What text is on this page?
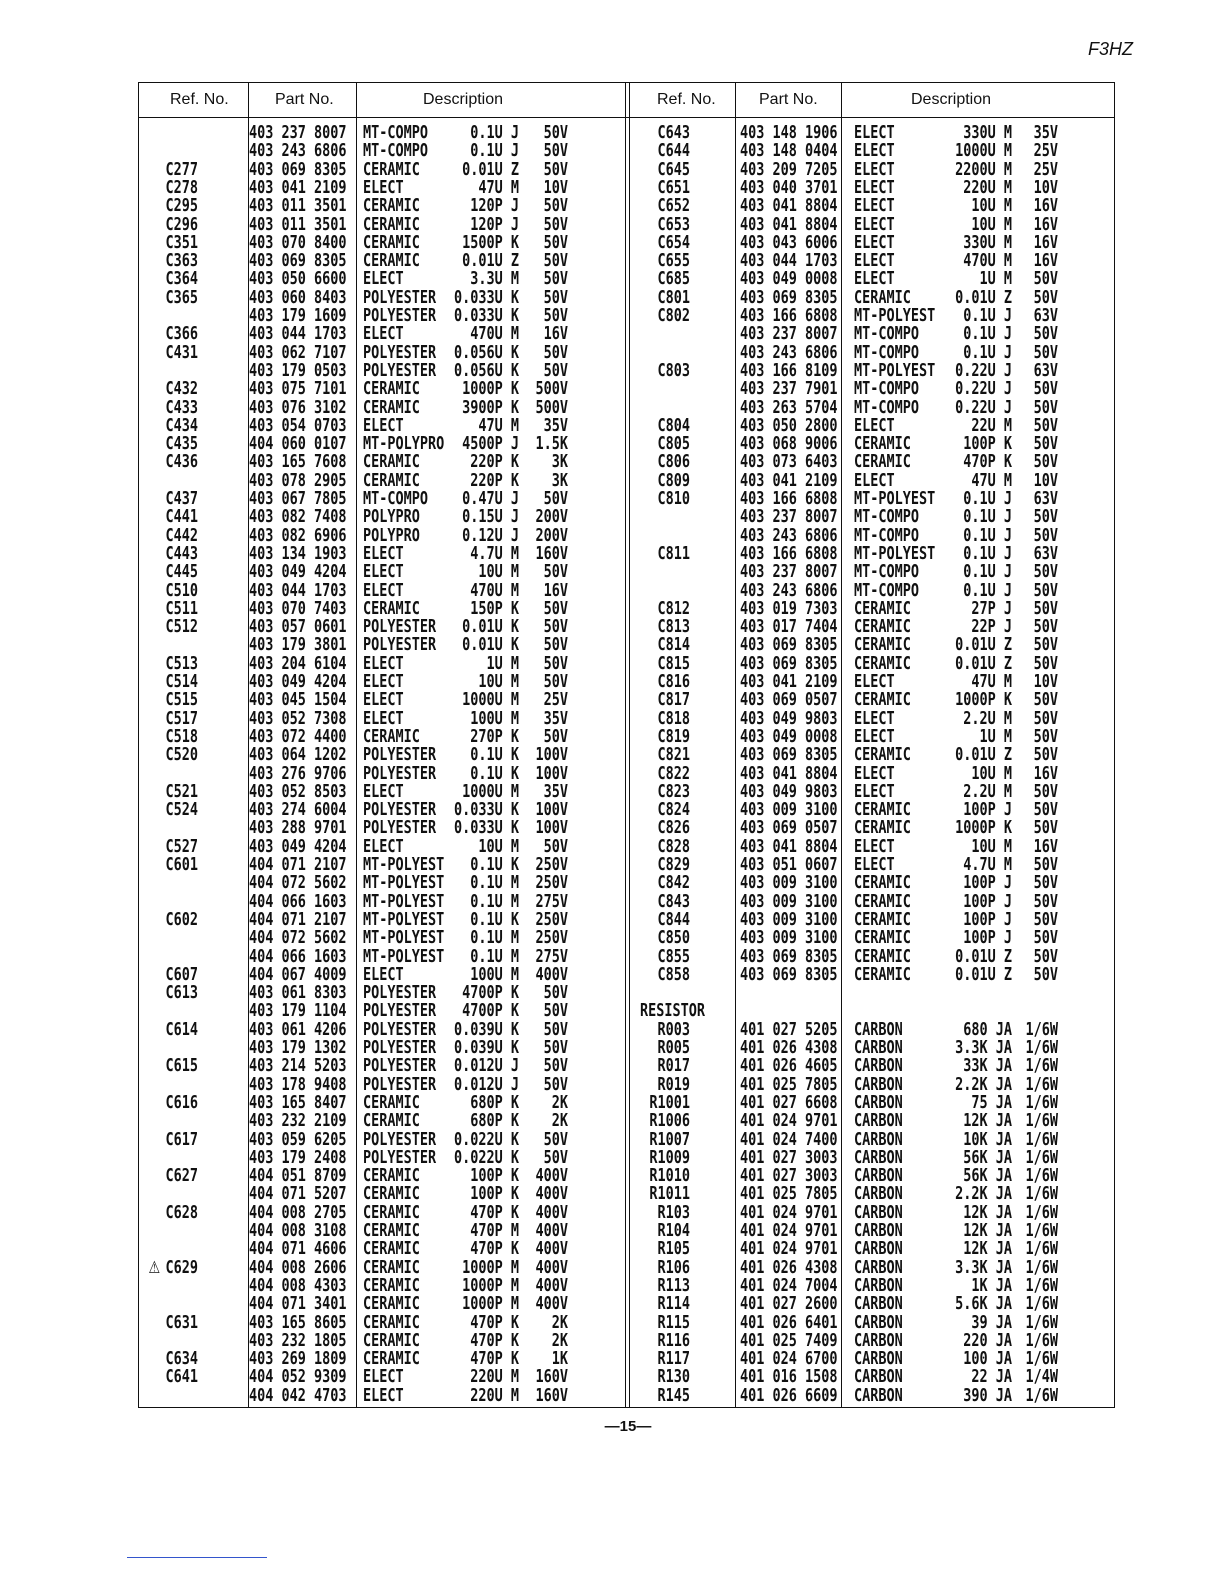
F3HZ
Ref. No.	Part No.	Description	Ref. No.	Part No.	Description
403 237 8007 MT-COMPO	0.1U J	50V
403 243 6806 MT-COMPO	0.1U J	50V
C277	403 069 8305 CERAMIC	0.01U Z	50V
C278	403 041 2109 ELECT	47U M	10V
C295	403 011 3501 CERAMIC	120P J	50V
C296	403 011 3501 CERAMIC	120P J	50V
C351	403 070 8400 CERAMIC	1500P K	50V
C363	403 069 8305 CERAMIC	0.01U Z	50V
C364	403 050 6600 ELECT	3.3U M	50V
C365	403 060 8403 POLYESTER	0.033U K	50V
403 179 1609 POLYESTER	0.033U K	50V
C366	403 044 1703 ELECT	470U M	16V
C431	403 062 7107 POLYESTER	0.056U K	50V
403 179 0503 POLYESTER	0.056U K	50V
C432	403 075 7101 CERAMIC	1000P K	500V
C433	403 076 3102 CERAMIC	3900P K	500V
C434	403 054 0703 ELECT	47U M	35V
C435	404 060 0107 MT-POLYPRO	4500P J	1.5K
C436	403 165 7608 CERAMIC	220P K	3K
403 078 2905 CERAMIC	220P K	3K
C437	403 067 7805 MT-COMPO	0.47U J	50V
C441	403 082 7408 POLYPRO	0.15U J	200V
C442	403 082 6906 POLYPRO	0.12U J	200V
C443	403 134 1903 ELECT	4.7U M	160V
C445	403 049 4204 ELECT	10U M	50V
C510	403 044 1703 ELECT	470U M	16V
C511	403 070 7403 CERAMIC	150P K	50V
C512	403 057 0601 POLYESTER	0.01U K	50V
403 179 3801 POLYESTER	0.01U K	50V
C513	403 204 6104 ELECT	1U M	50V
C514	403 049 4204 ELECT	10U M	50V
C515	403 045 1504 ELECT	1000U M	25V
C517	403 052 7308 ELECT	100U M	35V
C518	403 072 4400 CERAMIC	270P K	50V
C520	403 064 1202 POLYESTER	0.1U K	100V
403 276 9706 POLYESTER	0.1U K	100V
C521	403 052 8503 ELECT	1000U M	35V
C524	403 274 6004 POLYESTER	0.033U K	100V
403 288 9701 POLYESTER	0.033U K	100V
C527	403 049 4204 ELECT	10U M	50V
C601	404 071 2107 MT-POLYEST	0.1U K	250V
404 072 5602 MT-POLYEST	0.1U M	250V
404 066 1603 MT-POLYEST	0.1U M	275V
C602	404 071 2107 MT-POLYEST	0.1U K	250V
404 072 5602 MT-POLYEST	0.1U M	250V
404 066 1603 MT-POLYEST	0.1U M	275V
C607	404 067 4009 ELECT	100U M	400V
C613	403 061 8303 POLYESTER	4700P K	50V
403 179 1104 POLYESTER	4700P K	50V
C614	403 061 4206 POLYESTER	0.039U K	50V
403 179 1302 POLYESTER	0.039U K	50V
C615	403 214 5203 POLYESTER	0.012U J	50V
403 178 9408 POLYESTER	0.012U J	50V
C616	403 165 8407 CERAMIC	680P K	2K
403 232 2109 CERAMIC	680P K	2K
C617	403 059 6205 POLYESTER	0.022U K	50V
403 179 2408 POLYESTER	0.022U K	50V
C627	404 051 8709 CERAMIC	100P K	400V
404 071 5207 CERAMIC	100P K	400V
C628	404 008 2705 CERAMIC	470P K	400V
404 008 3108 CERAMIC	470P M	400V
404 071 4606 CERAMIC	470P K	400V
⚠ C629	404 008 2606 CERAMIC	1000P M	400V
404 008 4303 CERAMIC	1000P M	400V
404 071 3401 CERAMIC	1000P M	400V
C631	403 165 8605 CERAMIC	470P K	2K
403 232 1805 CERAMIC	470P K	2K
C634	403 269 1809 CERAMIC	470P K	1K
C641	404 052 9309 ELECT	220U M	160V
404 042 4703 ELECT	220U M	160V
C643	403 148 1906 ELECT	330U M	35V
C644	403 148 0404 ELECT	1000U M	25V
C645	403 209 7205 ELECT	2200U M	25V
C651	403 040 3701 ELECT	220U M	10V
C652	403 041 8804 ELECT	10U M	16V
C653	403 041 8804 ELECT	10U M	16V
C654	403 043 6006 ELECT	330U M	16V
C655	403 044 1703 ELECT	470U M	16V
C685	403 049 0008 ELECT	1U M	50V
C801	403 069 8305 CERAMIC	0.01U Z	50V
C802	403 166 6808 MT-POLYEST	0.1U J	63V
403 237 8007 MT-COMPO	0.1U J	50V
403 243 6806 MT-COMPO	0.1U J	50V
C803	403 166 8109 MT-POLYEST	0.22U J	63V
403 237 7901 MT-COMPO	0.22U J	50V
403 263 5704 MT-COMPO	0.22U J	50V
C804	403 050 2800 ELECT	22U M	50V
C805	403 068 9006 CERAMIC	100P K	50V
C806	403 073 6403 CERAMIC	470P K	50V
C809	403 041 2109 ELECT	47U M	10V
C810	403 166 6808 MT-POLYEST	0.1U J	63V
403 237 8007 MT-COMPO	0.1U J	50V
403 243 6806 MT-COMPO	0.1U J	50V
C811	403 166 6808 MT-POLYEST	0.1U J	63V
403 237 8007 MT-COMPO	0.1U J	50V
403 243 6806 MT-COMPO	0.1U J	50V
C812	403 019 7303 CERAMIC	27P J	50V
C813	403 017 7404 CERAMIC	22P J	50V
C814	403 069 8305 CERAMIC	0.01U Z	50V
C815	403 069 8305 CERAMIC	0.01U Z	50V
C816	403 041 2109 ELECT	47U M	10V
C817	403 069 0507 CERAMIC	1000P K	50V
C818	403 049 9803 ELECT	2.2U M	50V
C819	403 049 0008 ELECT	1U M	50V
C821	403 069 8305 CERAMIC	0.01U Z	50V
C822	403 041 8804 ELECT	10U M	16V
C823	403 049 9803 ELECT	2.2U M	50V
C824	403 009 3100 CERAMIC	100P J	50V
C826	403 069 0507 CERAMIC	1000P K	50V
C828	403 041 8804 ELECT	10U M	16V
C829	403 051 0607 ELECT	4.7U M	50V
C842	403 009 3100 CERAMIC	100P J	50V
C843	403 009 3100 CERAMIC	100P J	50V
C844	403 009 3100 CERAMIC	100P J	50V
C850	403 009 3100 CERAMIC	100P J	50V
C855	403 069 8305 CERAMIC	0.01U Z	50V
C858	403 069 8305 CERAMIC	0.01U Z	50V
RESISTOR
R003	401 027 5205 CARBON	680 JA 1/6W
R005	401 026 4308 CARBON	3.3K JA 1/6W
R017	401 026 4605 CARBON	33K JA 1/6W
R019	401 025 7805 CARBON	2.2K JA 1/6W
R1001	401 027 6608 CARBON	75 JA 1/6W
R1006	401 024 9701 CARBON	12K JA 1/6W
R1007	401 024 7400 CARBON	10K JA 1/6W
R1009	401 027 3003 CARBON	56K JA 1/6W
R1010	401 027 3003 CARBON	56K JA 1/6W
R1011	401 025 7805 CARBON	2.2K JA 1/6W
R103	401 024 9701 CARBON	12K JA 1/6W
R104	401 024 9701 CARBON	12K JA 1/6W
R105	401 024 9701 CARBON	12K JA 1/6W
R106	401 026 4308 CARBON	3.3K JA 1/6W
R113	401 024 7004 CARBON	1K JA 1/6W
R114	401 027 2600 CARBON	5.6K JA 1/6W
R115	401 026 6401 CARBON	39 JA 1/6W
R116	401 025 7409 CARBON	220 JA 1/6W
R117	401 024 6700 CARBON	100 JA 1/6W
R130	401 016 1508 CARBON	22 JA 1/4W
R145	401 026 6609 CARBON	390 JA 1/6W
—15—
